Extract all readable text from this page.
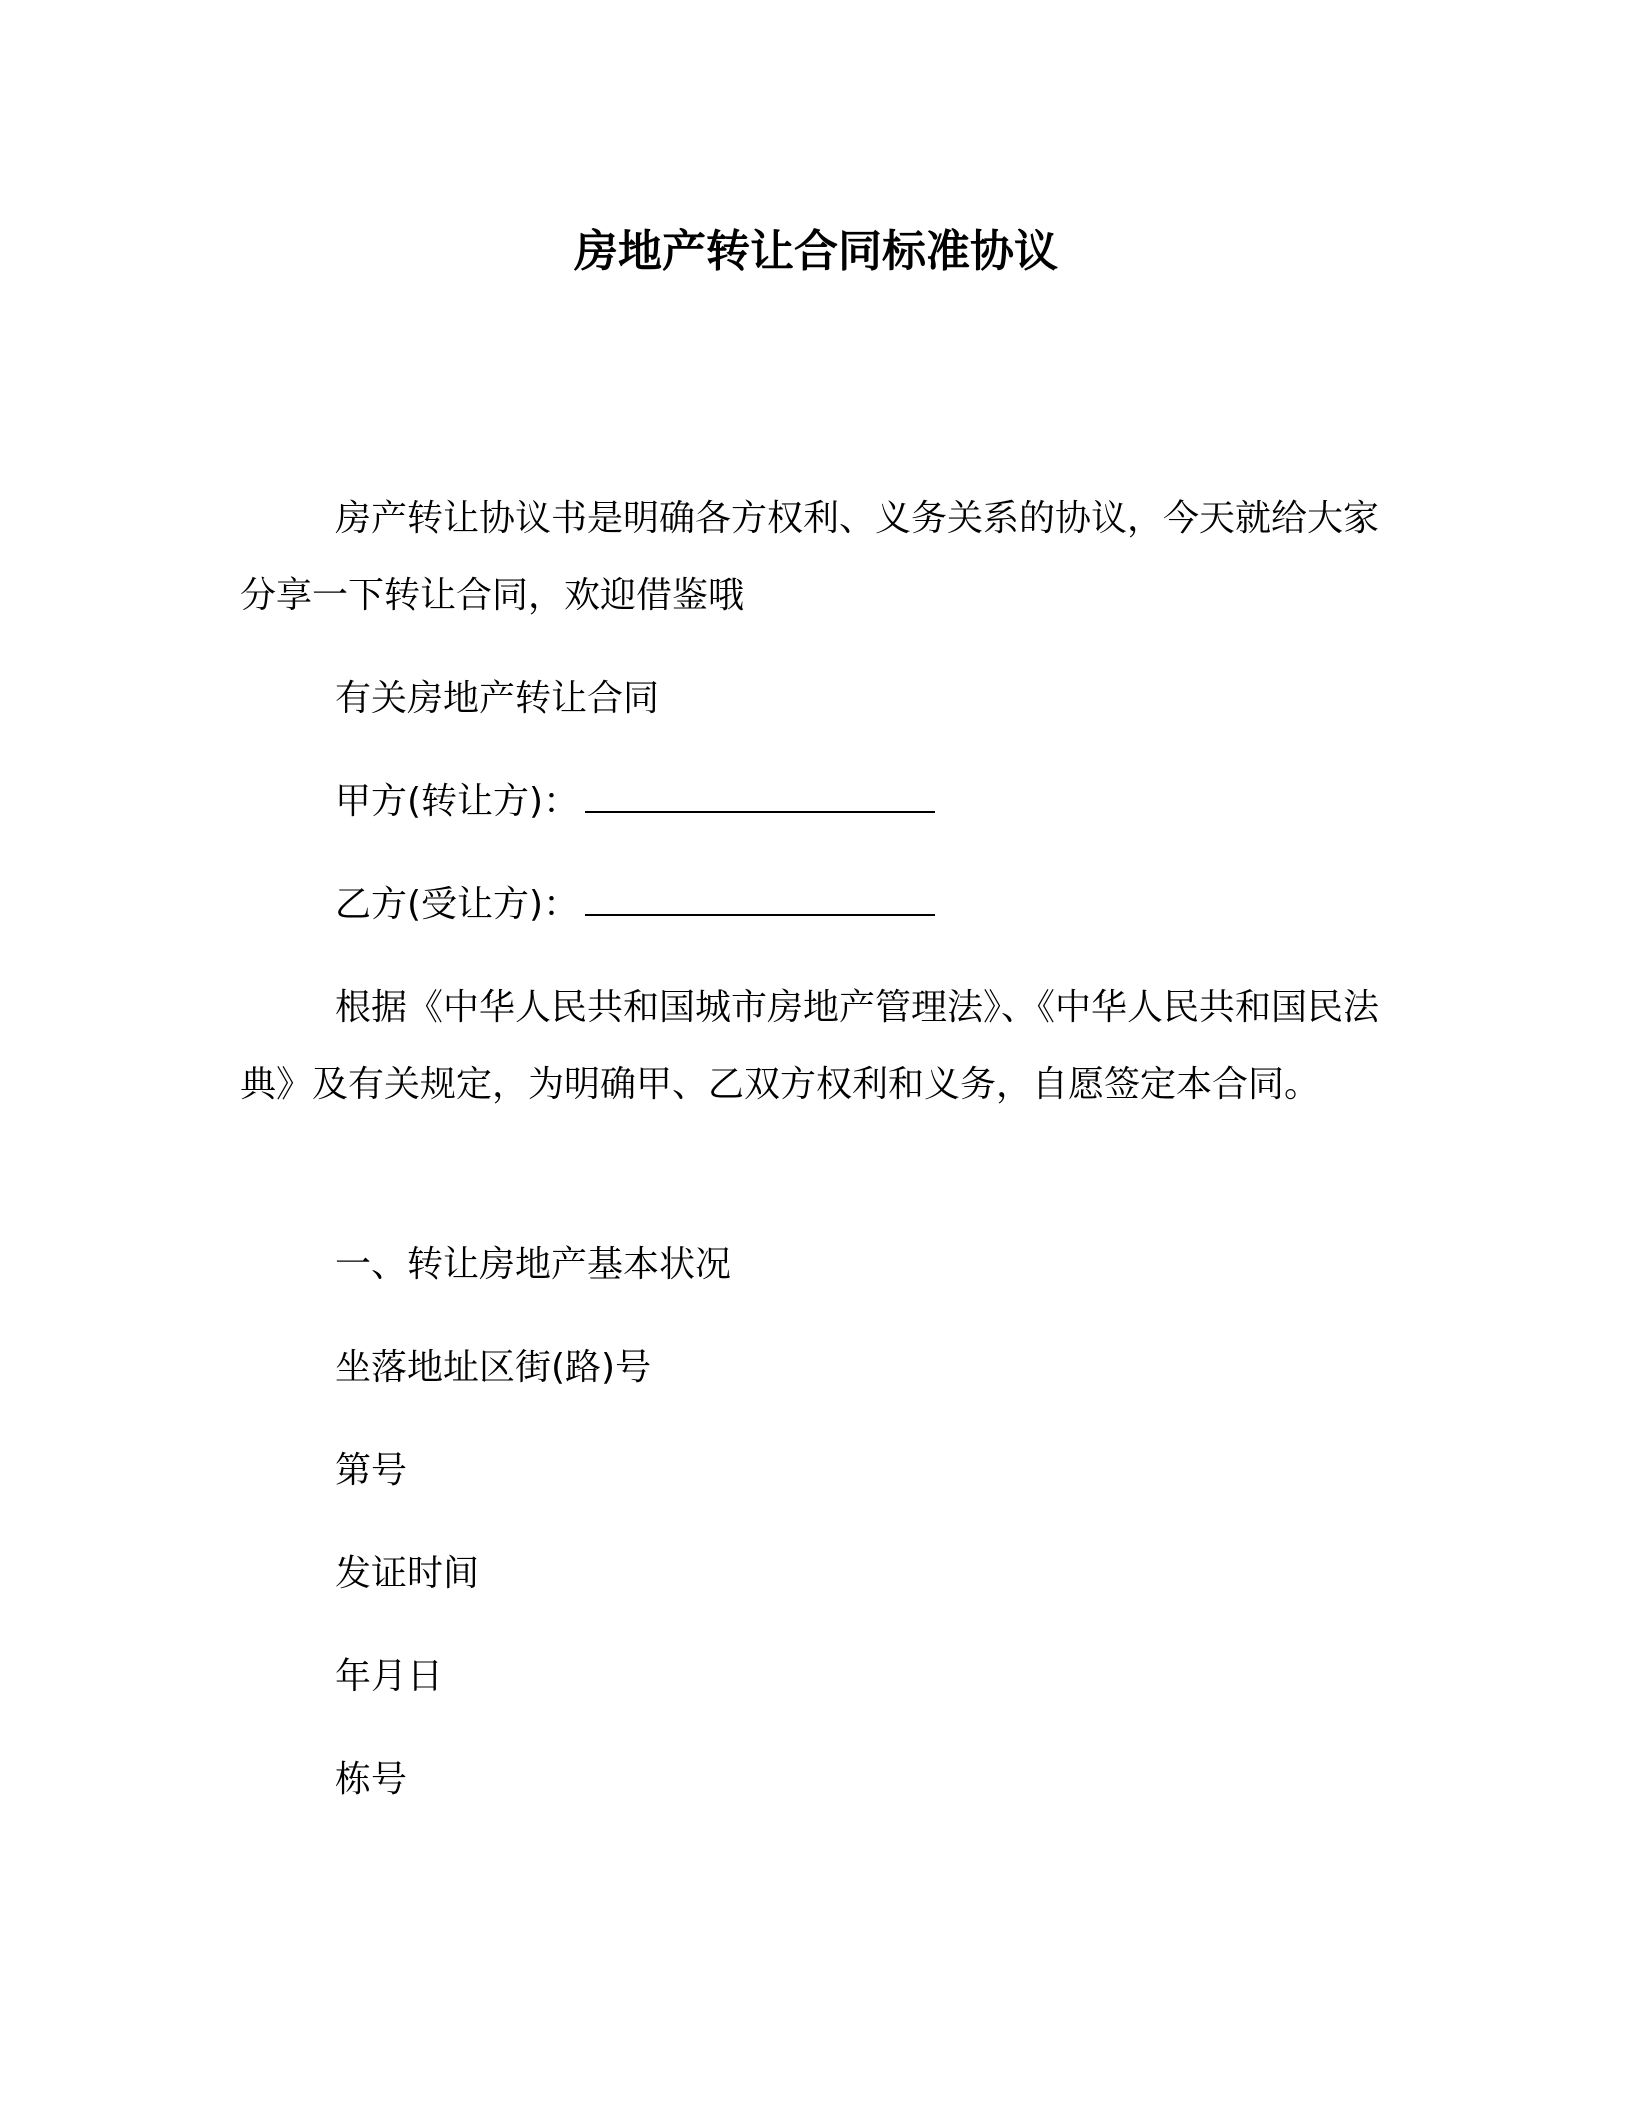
房地产转让合同标准协议

房产转让协议书是明确各方权利、义务关系的协议，今天就给大家分享一下转让合同，欢迎借鉴哦

有关房地产转让合同

甲方(转让方)：

乙方(受让方)：

根据《中华人民共和国城市房地产管理法》、《中华人民共和国民法典》及有关规定，为明确甲、乙双方权利和义务，自愿签定本合同。

一、转让房地产基本状况

坐落地址区街(路)号

第号

发证时间

年月日

栋号
